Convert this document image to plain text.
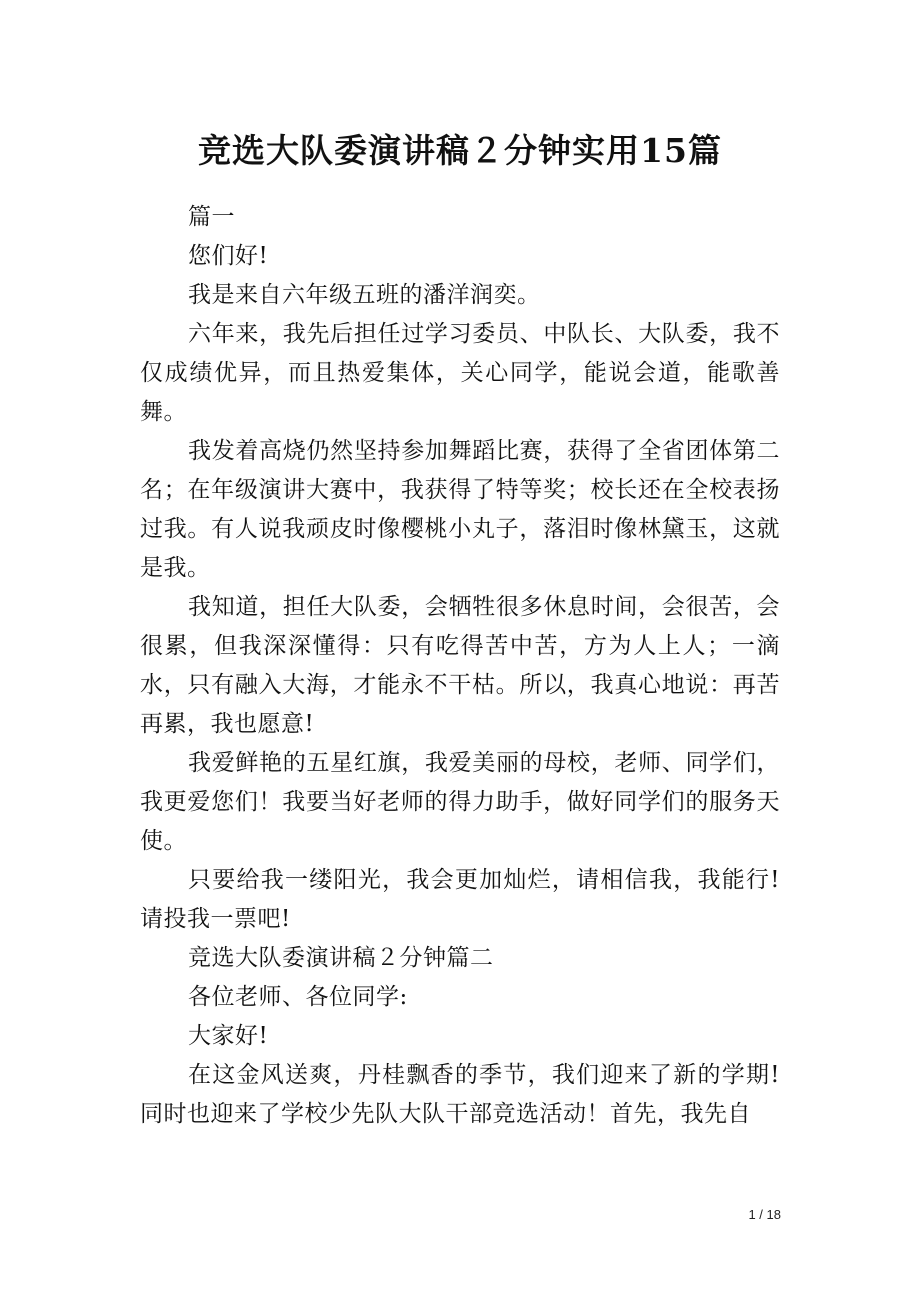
竞选大队委演讲稿２分钟实用15篇

篇一

您们好!

我是来自六年级五班的潘洋润奕。

六年来，我先后担任过学习委员、中队长、大队委，我不仅成绩优异，而且热爱集体，关心同学，能说会道，能歌善舞。

我发着高烧仍然坚持参加舞蹈比赛，获得了全省团体第二名；在年级演讲大赛中，我获得了特等奖；校长还在全校表扬过我。有人说我顽皮时像樱桃小丸子，落泪时像林黛玉，这就是我。

我知道，担任大队委，会牺牲很多休息时间，会很苦，会很累，但我深深懂得：只有吃得苦中苦，方为人上人；一滴水，只有融入大海，才能永不干枯。所以，我真心地说：再苦再累，我也愿意!

我爱鲜艳的五星红旗，我爱美丽的母校，老师、同学们，我更爱您们！我要当好老师的得力助手，做好同学们的服务天使。

只要给我一缕阳光，我会更加灿烂，请相信我，我能行!请投我一票吧!

竞选大队委演讲稿２分钟篇二

各位老师、各位同学:

大家好!

在这金风送爽，丹桂飘香的季节，我们迎来了新的学期!同时也迎来了学校少先队大队干部竞选活动！首先，我先自

1 / 18
